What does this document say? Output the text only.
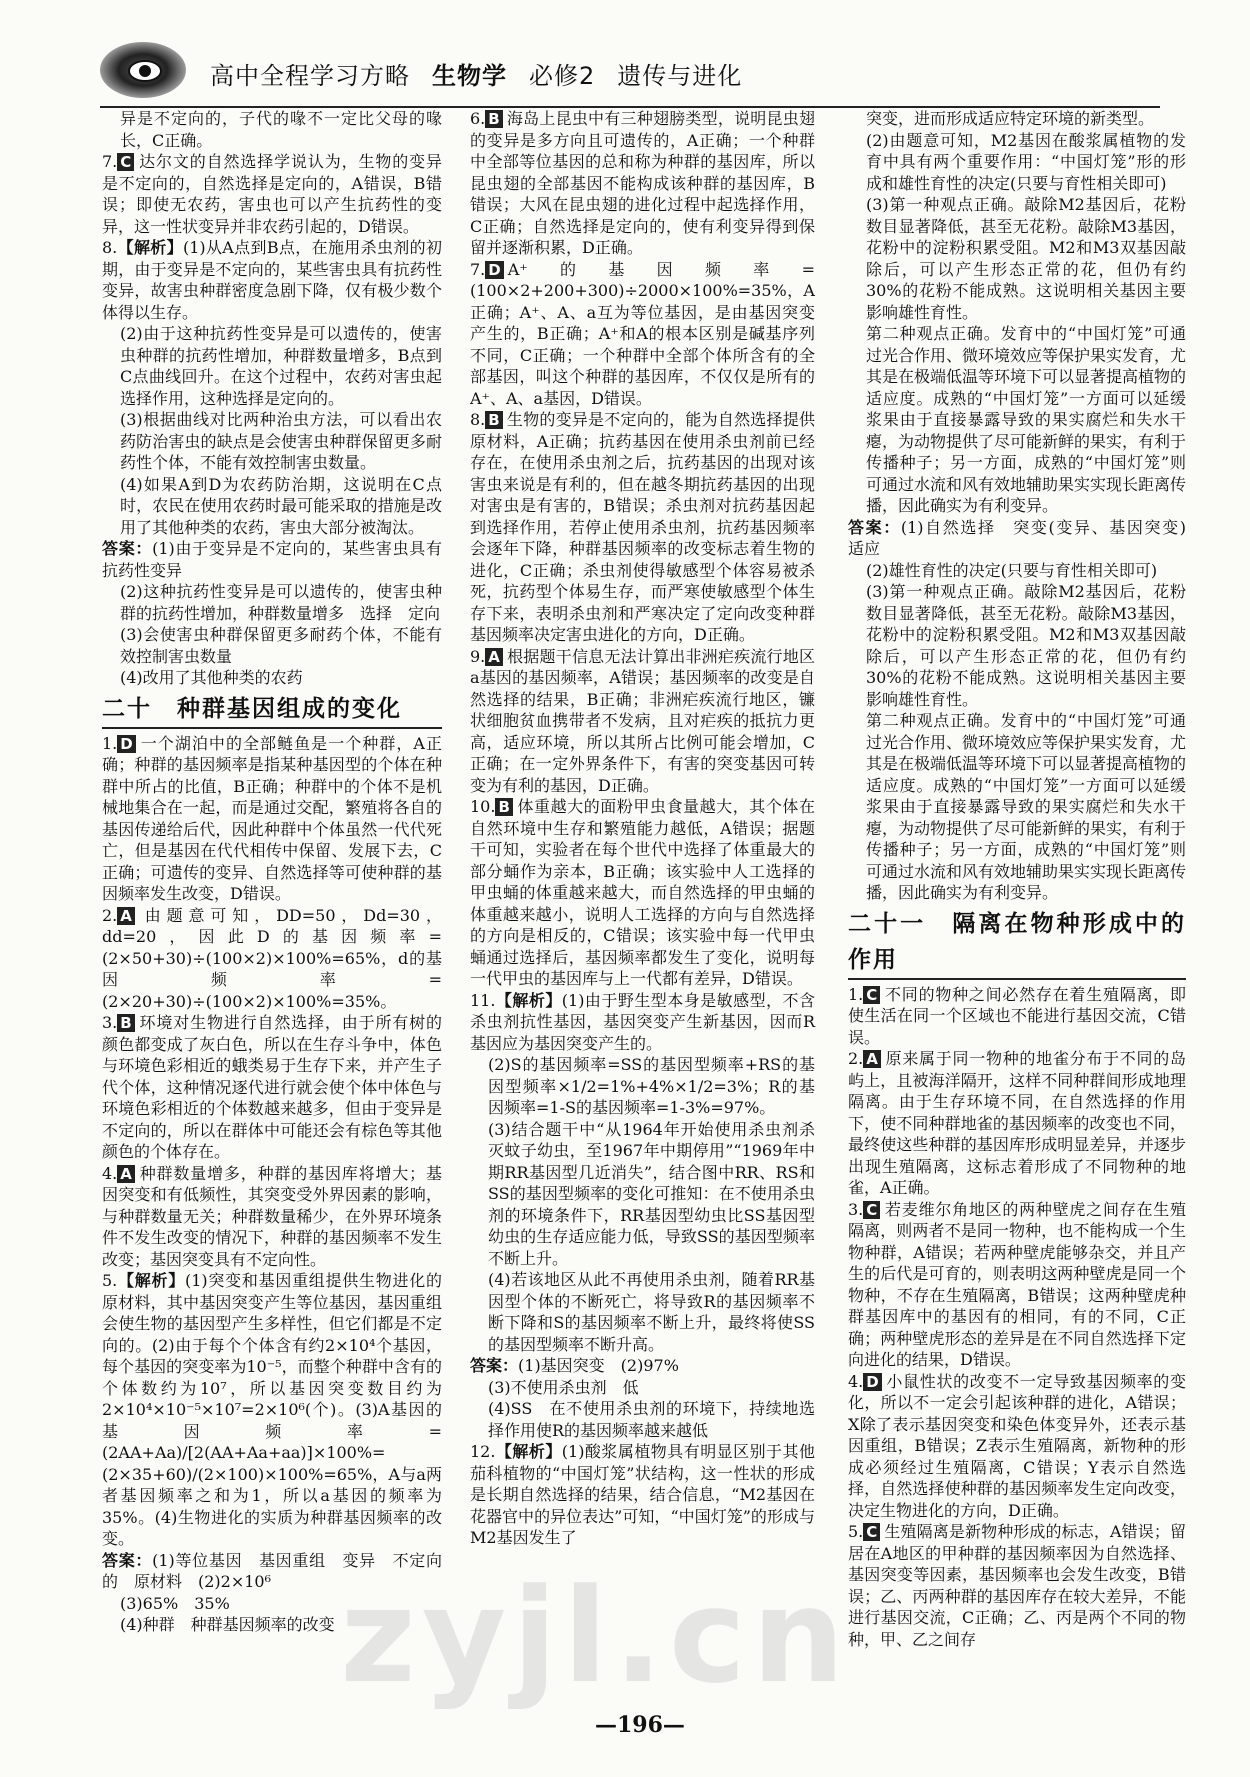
高中全程学习方略 生物学 必修2 遗传与进化

异是不定向的，子代的喙不一定比父母的喙长，C正确。

7. C 达尔文的自然选择学说认为，生物的变异是不定向的，自然选择是定向的，A错误，B错误；即使无农药，害虫也可以产生抗药性的变异，这一性状变异并非农药引起的，D错误。

8.【解析】(1)从A点到B点，在施用杀虫剂的初期，由于变异是不定向的，某些害虫具有抗药性变异，故害虫种群密度急剧下降，仅有极少数个体得以生存。

(2)由于这种抗药性变异是可以遗传的，使害虫种群的抗药性增加，种群数量增多，B点到C点曲线回升。在这个过程中，农药对害虫起选择作用，这种选择是定向的。

(3)根据曲线对比两种治虫方法，可以看出农药防治害虫的缺点是会使害虫种群保留更多耐药性个体，不能有效控制害虫数量。

(4)如果A到D为农药防治期，这说明在C点时，农民在使用农药时最可能采取的措施是改用了其他种类的农药，害虫大部分被淘汰。

答案：(1)由于变异是不定向的，某些害虫具有抗药性变异

(2)这种抗药性变异是可以遗传的，使害虫种群的抗药性增加，种群数量增多　选择　定向

(3)会使害虫种群保留更多耐药个体，不能有效控制害虫数量

(4)改用了其他种类的农药

二十　种群基因组成的变化

1. D 一个湖泊中的全部鲢鱼是一个种群，A正确；种群的基因频率是指某种基因型的个体在种群中所占的比值，B正确；种群中的个体不是机械地集合在一起，而是通过交配，繁殖将各自的基因传递给后代，因此种群中个体虽然一代代死亡，但是基因在代代相传中保留、发展下去，C正确；可遗传的变异、自然选择等可使种群的基因频率发生改变，D错误。

2. A 由题意可知，DD=50，Dd=30，dd=20，因此D的基因频率=(2×50+30)÷(100×2)×100%=65%，d的基因频率=(2×20+30)÷(100×2)×100%=35%。

3. B 环境对生物进行自然选择，由于所有树的颜色都变成了灰白色，所以在生存斗争中，体色与环境色彩相近的蛾类易于生存下来，并产生子代个体，这种情况逐代进行就会使个体中体色与环境色彩相近的个体数越来越多，但由于变异是不定向的，所以在群体中可能还会有棕色等其他颜色的个体存在。

4. A 种群数量增多，种群的基因库将增大；基因突变和有低频性，其突变受外界因素的影响，与种群数量无关；种群数量稀少，在外界环境条件不发生改变的情况下，种群的基因频率不发生改变；基因突变具有不定向性。

5.【解析】(1)突变和基因重组提供生物进化的原材料，其中基因突变产生等位基因，基因重组会使生物的基因型产生多样性，但它们都是不定向的。(2)由于每个个体含有约2×10⁴个基因，每个基因的突变率为10⁻⁵，而整个种群中含有的个体数约为10⁷，所以基因突变数目约为2×10⁴×10⁻⁵×10⁷=2×10⁶(个)。(3)A基因的基因频率=(2AA+Aa)/[2(AA+Aa+aa)]×100%=(2×35+60)/(2×100)×100%=65%，A与a两者基因频率之和为1，所以a基因的频率为35%。(4)生物进化的实质为种群基因频率的改变。

答案：(1)等位基因　基因重组　变异　不定向的　原材料　(2)2×10⁶

(3)65%　35%

(4)种群　种群基因频率的改变

6. B 海岛上昆虫中有三种翅膀类型，说明昆虫翅的变异是多方向且可遗传的，A正确；一个种群中全部等位基因的总和称为种群的基因库，所以昆虫翅的全部基因不能构成该种群的基因库，B错误；大风在昆虫翅的进化过程中起选择作用，C正确；自然选择是定向的，使有利变异得到保留并逐渐积累，D正确。

7. D A⁺的基因频率=(100×2+200+300)÷2000×100%=35%，A正确；A⁺、A、a互为等位基因，是由基因突变产生的，B正确；A⁺和A的根本区别是碱基序列不同，C正确；一个种群中全部个体所含有的全部基因，叫这个种群的基因库，不仅仅是所有的A⁺、A、a基因，D错误。

8. B 生物的变异是不定向的，能为自然选择提供原材料，A正确；抗药基因在使用杀虫剂前已经存在，在使用杀虫剂之后，抗药基因的出现对该害虫来说是有利的，但在越冬期抗药基因的出现对害虫是有害的，B错误；杀虫剂对抗药基因起到选择作用，若停止使用杀虫剂，抗药基因频率会逐年下降，种群基因频率的改变标志着生物的进化，C正确；杀虫剂使得敏感型个体容易被杀死，抗药型个体易生存，而严寒使敏感型个体生存下来，表明杀虫剂和严寒决定了定向改变种群基因频率决定害虫进化的方向，D正确。

9. A 根据题干信息无法计算出非洲疟疾流行地区a基因的基因频率，A错误；基因频率的改变是自然选择的结果，B正确；非洲疟疾流行地区，镰状细胞贫血携带者不发病，且对疟疾的抵抗力更高，适应环境，所以其所占比例可能会增加，C正确；在一定外界条件下，有害的突变基因可转变为有利的基因，D正确。

10. B 体重越大的面粉甲虫食量越大，其个体在自然环境中生存和繁殖能力越低，A错误；据题干可知，实验者在每个世代中选择了体重最大的部分蛹作为亲本，B正确；该实验中人工选择的甲虫蛹的体重越来越大，而自然选择的甲虫蛹的体重越来越小，说明人工选择的方向与自然选择的方向是相反的，C错误；该实验中每一代甲虫蛹通过选择后，基因频率都发生了变化，说明每一代甲虫的基因库与上一代都有差异，D错误。

11.【解析】(1)由于野生型本身是敏感型，不含杀虫剂抗性基因，基因突变产生新基因，因而R基因应为基因突变产生的。

(2)S的基因频率=SS的基因型频率+RS的基因型频率×1/2=1%+4%×1/2=3%；R的基因频率=1-S的基因频率=1-3%=97%。

(3)结合题干中“从1964年开始使用杀虫剂杀灭蚊子幼虫，至1967年中期停用”“1969年中期RR基因型几近消失”，结合图中RR、RS和SS的基因型频率的变化可推知：在不使用杀虫剂的环境条件下，RR基因型幼虫比SS基因型幼虫的生存适应能力低，导致SS的基因型频率不断上升。

(4)若该地区从此不再使用杀虫剂，随着RR基因型个体的不断死亡，将导致R的基因频率不断下降和S的基因频率不断上升，最终将使SS的基因型频率不断升高。

答案：(1)基因突变　(2)97%

(3)不使用杀虫剂　低

(4)SS　在不使用杀虫剂的环境下，持续地选择作用使R的基因频率越来越低

12.【解析】(1)酸浆属植物具有明显区别于其他茄科植物的“中国灯笼”状结构，这一性状的形成是长期自然选择的结果，结合信息，“M2基因在花器官中的异位表达”可知，“中国灯笼”的形成与M2基因发生了

突变，进而形成适应特定环境的新类型。

(2)由题意可知，M2基因在酸浆属植物的发育中具有两个重要作用：“中国灯笼”形的形成和雄性育性的决定(只要与育性相关即可)

(3)第一种观点正确。敲除M2基因后，花粉数目显著降低，甚至无花粉。敲除M3基因，花粉中的淀粉积累受阻。M2和M3双基因敲除后，可以产生形态正常的花，但仍有约30%的花粉不能成熟。这说明相关基因主要影响雄性育性。

第二种观点正确。发育中的“中国灯笼”可通过光合作用、微环境效应等保护果实发育，尤其是在极端低温等环境下可以显著提高植物的适应度。成熟的“中国灯笼”一方面可以延缓浆果由于直接暴露导致的果实腐烂和失水干瘪，为动物提供了尽可能新鲜的果实，有利于传播种子；另一方面，成熟的“中国灯笼”则可通过水流和风有效地辅助果实实现长距离传播，因此确实为有利变异。

答案：(1)自然选择　突变(变异、基因突变)　适应

(2)雄性育性的决定(只要与育性相关即可)

(3)第一种观点正确。敲除M2基因后，花粉数目显著降低，甚至无花粉。敲除M3基因，花粉中的淀粉积累受阻。M2和M3双基因敲除后，可以产生形态正常的花，但仍有约30%的花粉不能成熟。这说明相关基因主要影响雄性育性。

第二种观点正确。发育中的“中国灯笼”可通过光合作用、微环境效应等保护果实发育，尤其是在极端低温等环境下可以显著提高植物的适应度。成熟的“中国灯笼”一方面可以延缓浆果由于直接暴露导致的果实腐烂和失水干瘪，为动物提供了尽可能新鲜的果实，有利于传播种子；另一方面，成熟的“中国灯笼”则可通过水流和风有效地辅助果实实现长距离传播，因此确实为有利变异。

二十一　隔离在物种形成中的作用

1. C 不同的物种之间必然存在着生殖隔离，即使生活在同一个区域也不能进行基因交流，C错误。

2. A 原来属于同一物种的地雀分布于不同的岛屿上，且被海洋隔开，这样不同种群间形成地理隔离。由于生存环境不同，在自然选择的作用下，使不同种群地雀的基因频率的改变也不同，最终使这些种群的基因库形成明显差异，并逐步出现生殖隔离，这标志着形成了不同物种的地雀，A正确。

3. C 若麦维尔角地区的两种壁虎之间存在生殖隔离，则两者不是同一物种，也不能构成一个生物种群，A错误；若两种壁虎能够杂交，并且产生的后代是可育的，则表明这两种壁虎是同一个物种，不存在生殖隔离，B错误；这两种壁虎种群基因库中的基因有的相同，有的不同，C正确；两种壁虎形态的差异是在不同自然选择下定向进化的结果，D错误。

4. D 小鼠性状的改变不一定导致基因频率的变化，所以不一定会引起该种群的进化，A错误；X除了表示基因突变和染色体变异外，还表示基因重组，B错误；Z表示生殖隔离，新物种的形成必须经过生殖隔离，C错误；Y表示自然选择，自然选择使种群的基因频率发生定向改变，决定生物进化的方向，D正确。

5. C 生殖隔离是新物种形成的标志，A错误；留居在A地区的甲种群的基因频率因为自然选择、基因突变等因素，基因频率也会发生改变，B错误；乙、丙两种群的基因库存在较大差异，不能进行基因交流，C正确；乙、丙是两个不同的物种，甲、乙之间存

zyjl.cn
—196—
